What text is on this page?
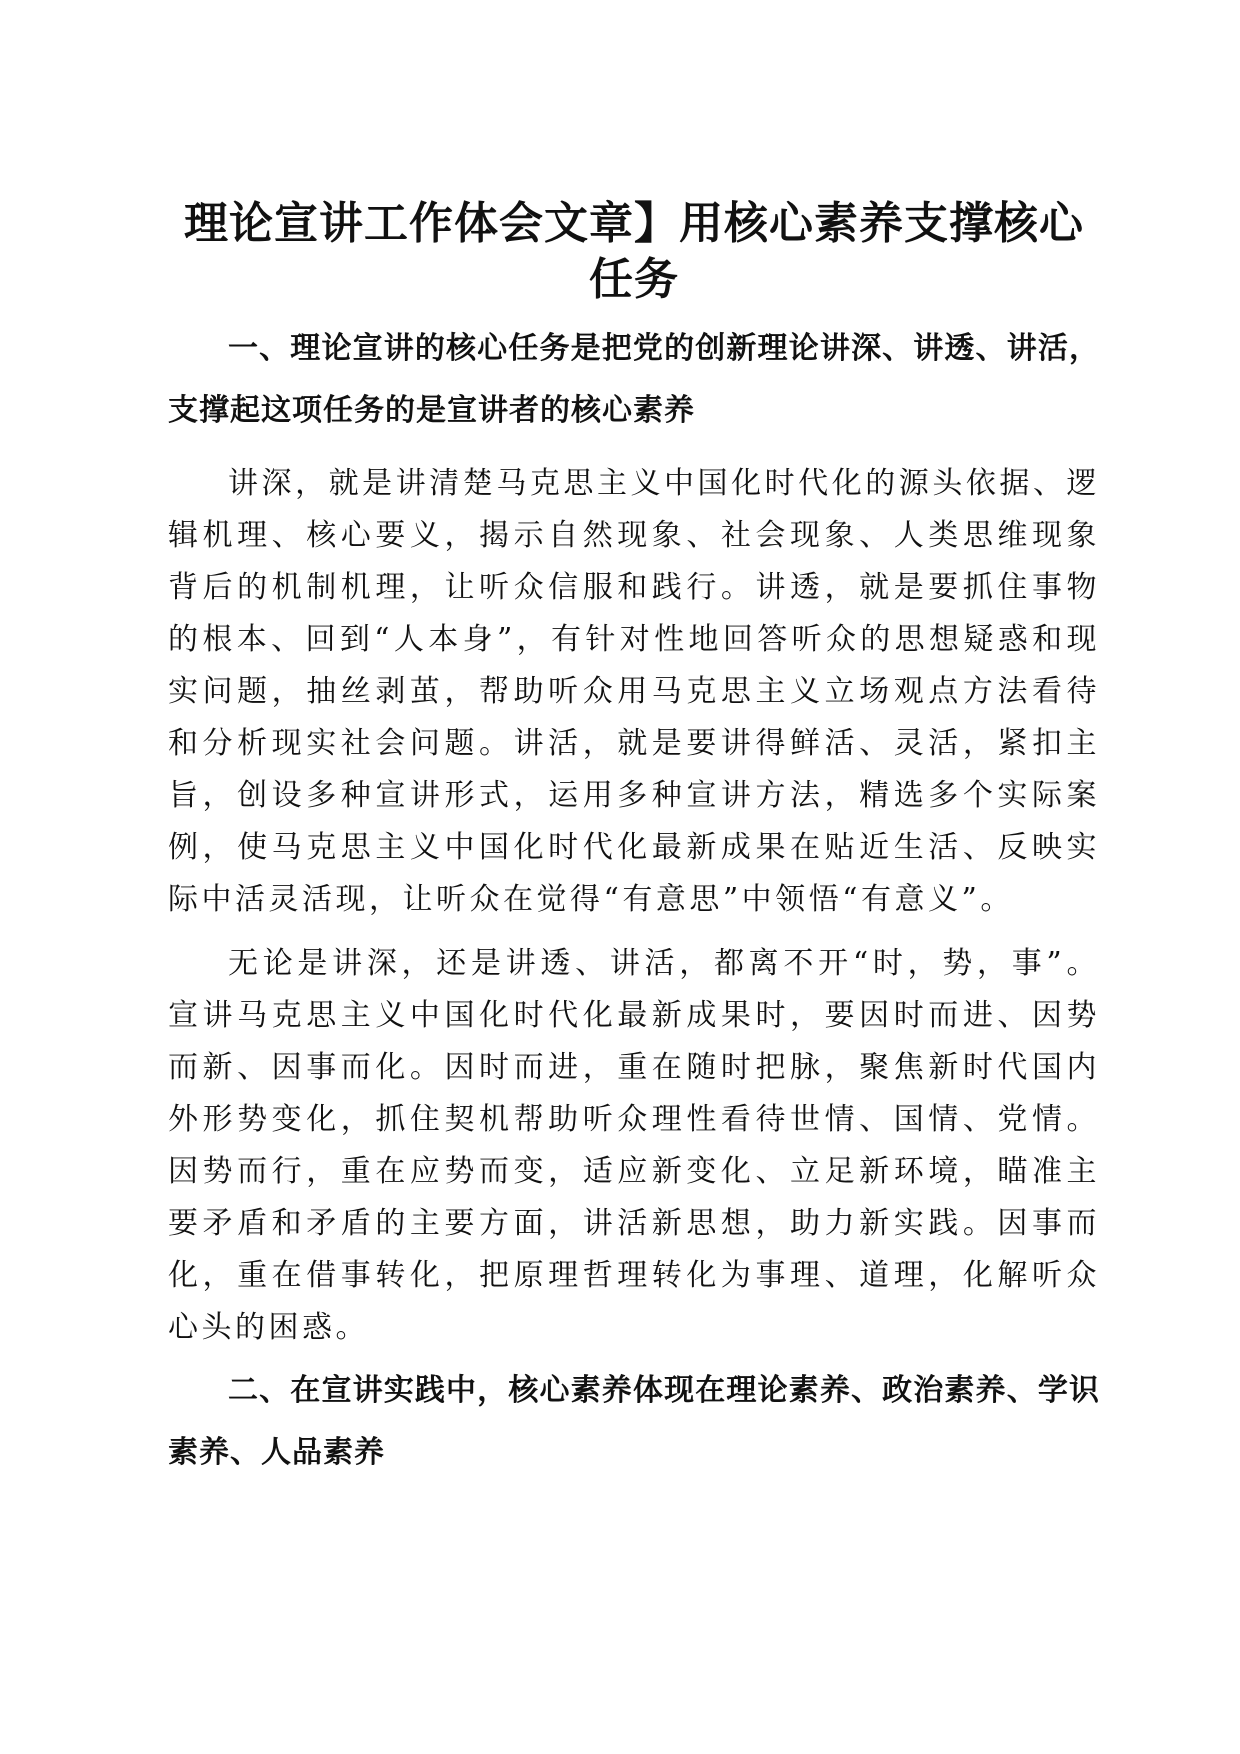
理论宣讲工作体会文章】用核心素养支撑核心任务

一、理论宣讲的核心任务是把党的创新理论讲深、讲透、讲活，支撑起这项任务的是宣讲者的核心素养

讲深，就是讲清楚马克思主义中国化时代化的源头依据、逻辑机理、核心要义，揭示自然现象、社会现象、人类思维现象背后的机制机理，让听众信服和践行。讲透，就是要抓住事物的根本、回到“人本身”，有针对性地回答听众的思想疑惑和现实问题，抽丝剥茧，帮助听众用马克思主义立场观点方法看待和分析现实社会问题。讲活，就是要讲得鲜活、灵活，紧扣主旨，创设多种宣讲形式，运用多种宣讲方法，精选多个实际案例，使马克思主义中国化时代化最新成果在贴近生活、反映实际中活灵活现，让听众在觉得“有意思”中领悟“有意义”。

无论是讲深，还是讲透、讲活，都离不开“时，势，事”。宣讲马克思主义中国化时代化最新成果时，要因时而进、因势而新、因事而化。因时而进，重在随时把脉，聚焦新时代国内外形势变化，抓住契机帮助听众理性看待世情、国情、党情。因势而行，重在应势而变，适应新变化、立足新环境，瞄准主要矛盾和矛盾的主要方面，讲活新思想，助力新实践。因事而化，重在借事转化，把原理哲理转化为事理、道理，化解听众心头的困惑。

二、在宣讲实践中，核心素养体现在理论素养、政治素养、学识素养、人品素养
